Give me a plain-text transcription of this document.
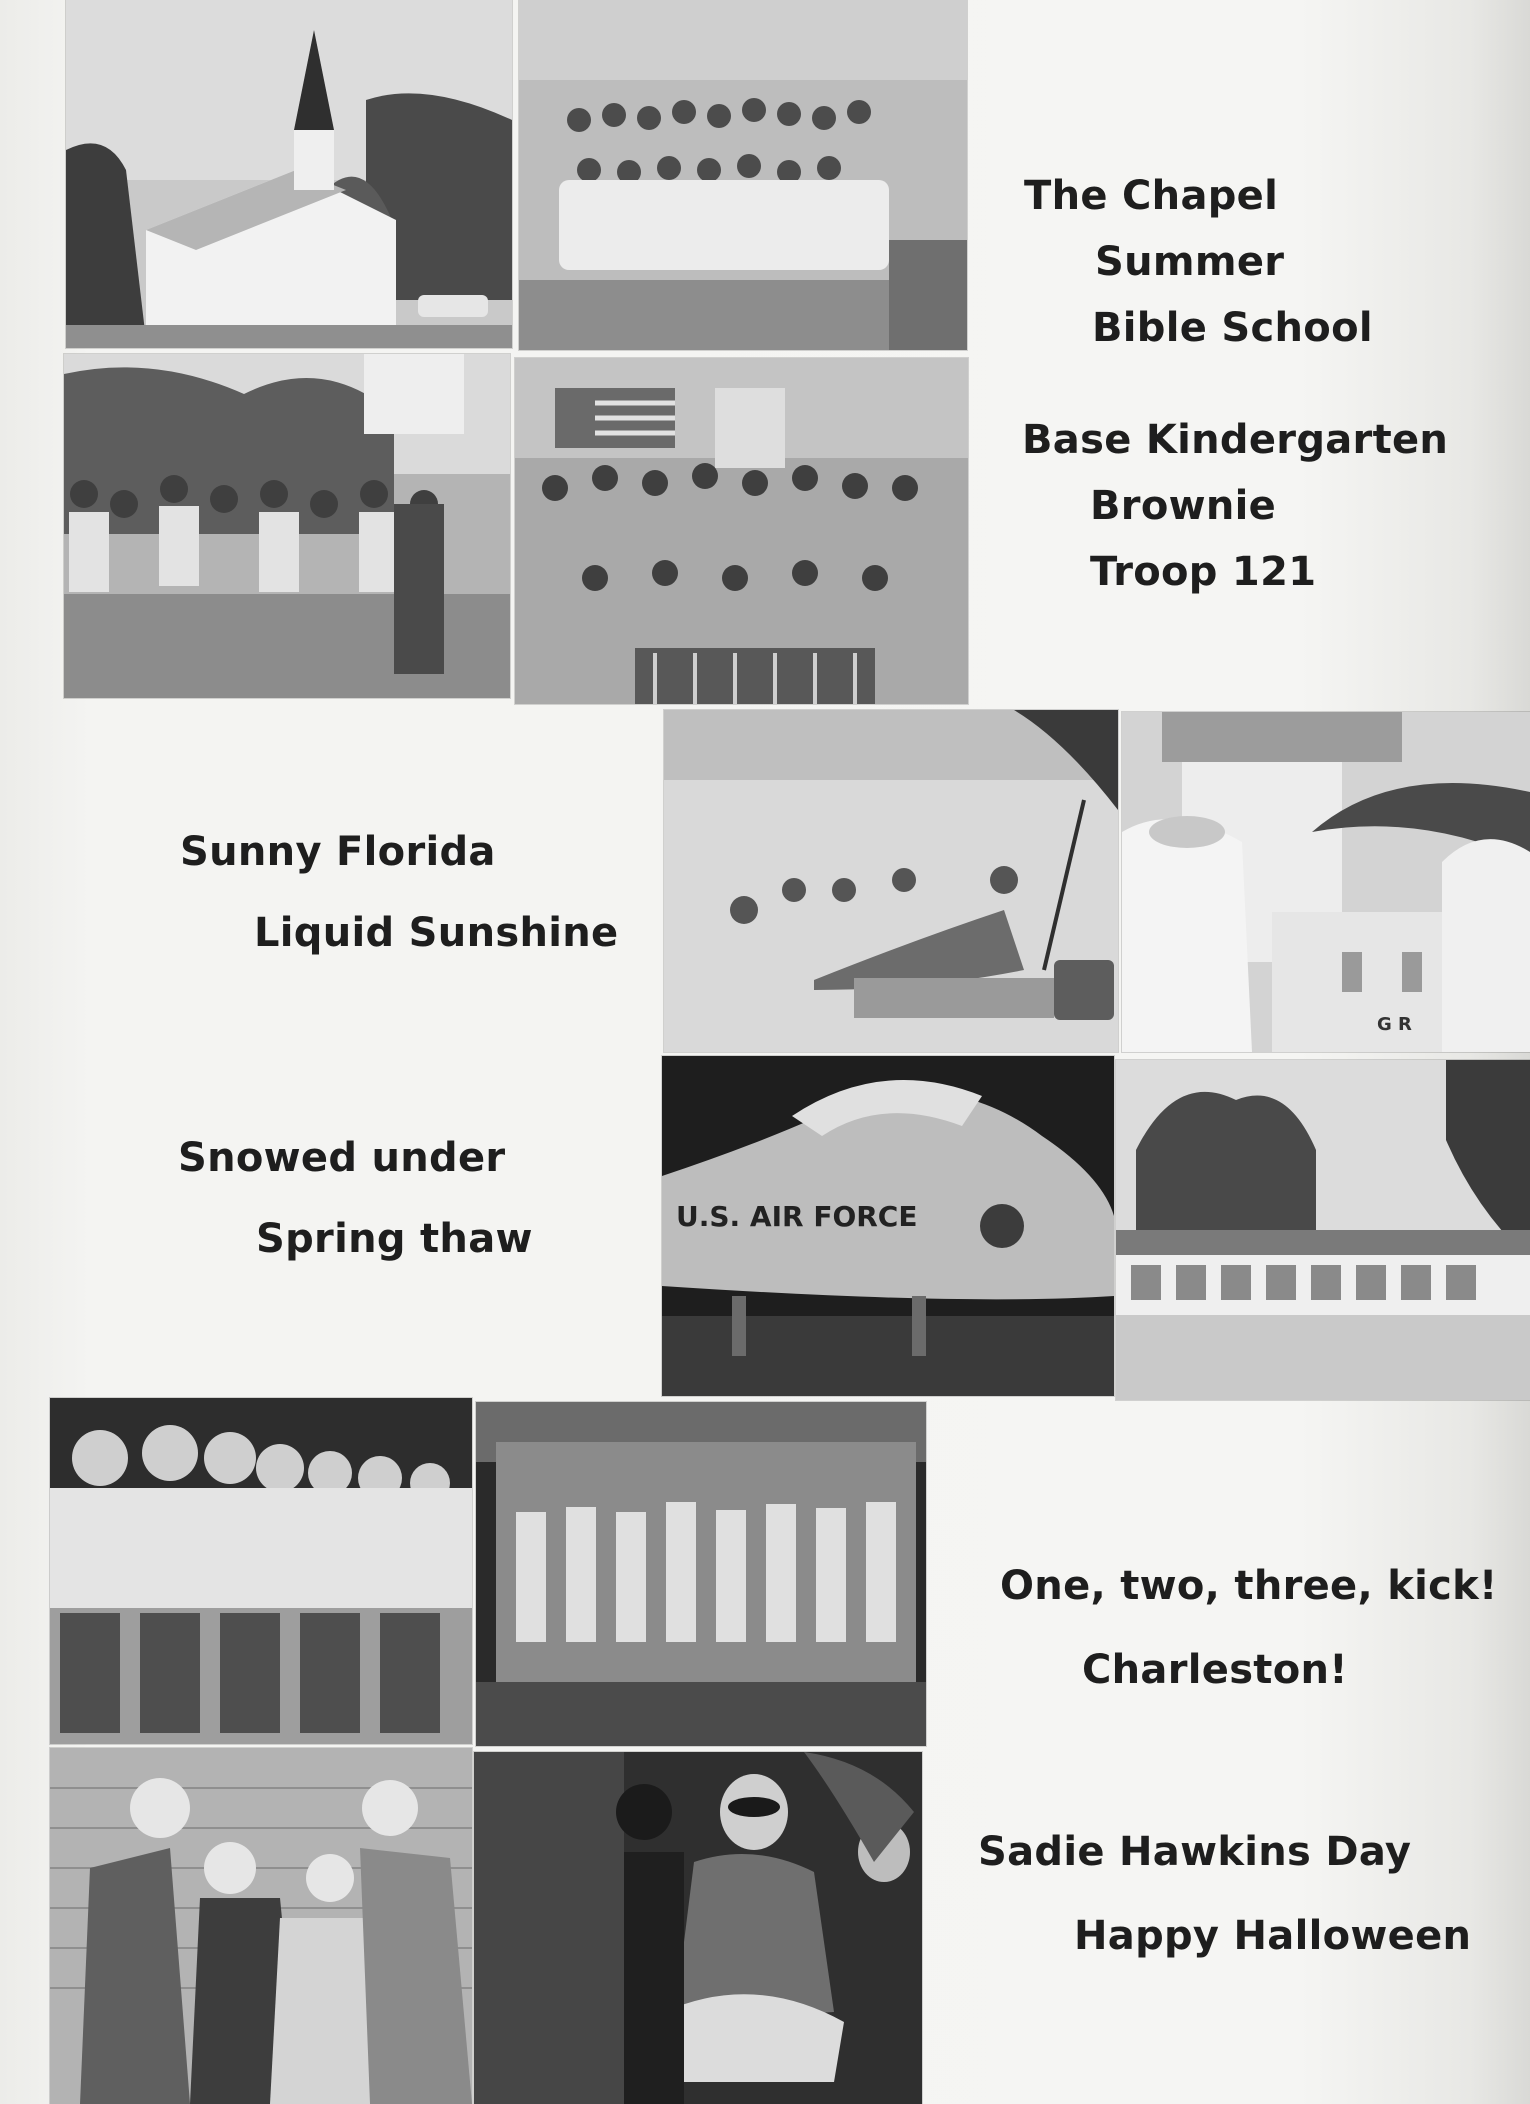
The Chapel

Summer

Bible School

Base Kindergarten

Brownie

Troop 121

Sunny Florida

Liquid Sunshine

G R

Snowed under

Spring thaw	U.S. AIR FORCE

One, two, three, kick!

Charleston!

Sadie Hawkins Day

Happy Halloween
